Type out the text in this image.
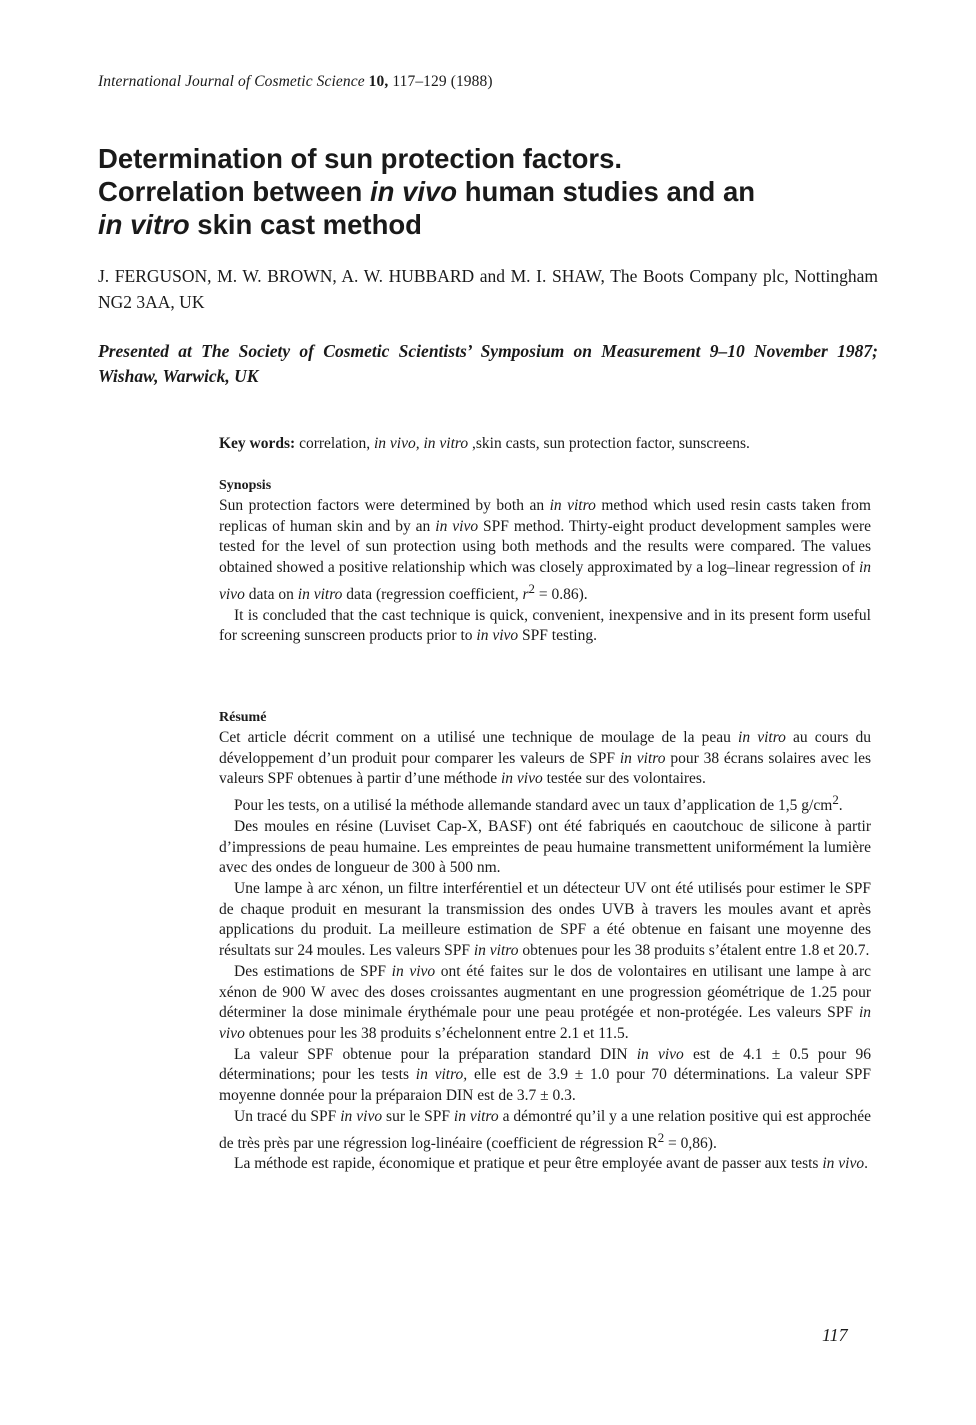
International Journal of Cosmetic Science 10, 117–129 (1988)
Determination of sun protection factors.
Correlation between in vivo human studies and an
in vitro skin cast method
J. FERGUSON, M. W. BROWN, A. W. HUBBARD and M. I. SHAW, The Boots Company plc, Nottingham NG2 3AA, UK
Presented at The Society of Cosmetic Scientists’ Symposium on Measurement 9–10 November 1987; Wishaw, Warwick, UK
Key words: correlation, in vivo, in vitro ,skin casts, sun protection factor, sunscreens.
Synopsis

Sun protection factors were determined by both an in vitro method which used resin casts taken from replicas of human skin and by an in vivo SPF method. Thirty-eight product development samples were tested for the level of sun protection using both methods and the results were compared. The values obtained showed a positive relationship which was closely approximated by a log–linear regression of in vivo data on in vitro data (regression coefficient, $r^2 = 0.86$).

It is concluded that the cast technique is quick, convenient, inexpensive and in its present form useful for screening sunscreen products prior to in vivo SPF testing.

Résumé

Cet article décrit comment on a utilisé une technique de moulage de la peau in vitro au cours du développement d’un produit pour comparer les valeurs de SPF in vitro pour 38 écrans solaires avec les valeurs SPF obtenues à partir d’une méthode in vivo testée sur des volontaires.

Pour les tests, on a utilisé la méthode allemande standard avec un taux d’application de 1,5 $g/cm^2$.

Des moules en résine (Luviset Cap-X, BASF) ont été fabriqués en caoutchouc de silicone à partir d’impressions de peau humaine. Les empreintes de peau humaine transmettent uniformément la lumière avec des ondes de longueur de 300 à 500 nm.

Une lampe à arc xénon, un filtre interférentiel et un détecteur UV ont été utilisés pour estimer le SPF de chaque produit en mesurant la transmission des ondes UVB à travers les moules avant et après applications du produit. La meilleure estimation de SPF a été obtenue en faisant une moyenne des résultats sur 24 moules. Les valeurs SPF in vitro obtenues pour les 38 produits s’étalent entre 1.8 et 20.7.

Des estimations de SPF in vivo ont été faites sur le dos de volontaires en utilisant une lampe à arc xénon de 900 W avec des doses croissantes augmentant en une progression géométrique de 1.25 pour déterminer la dose minimale érythémale pour une peau protégée et non-protégée. Les valeurs SPF in vivo obtenues pour les 38 produits s’échelonnent entre 2.1 et 11.5.

La valeur SPF obtenue pour la préparation standard DIN in vivo est de 4.1 ± 0.5 pour 96 déterminations; pour les tests in vitro, elle est de 3.9 ± 1.0 pour 70 déterminations. La valeur SPF moyenne donnée pour la préparaion DIN est de 3.7 ± 0.3.

Un tracé du SPF in vivo sur le SPF in vitro a démontré qu’il y a une relation positive qui est approchée de très près par une régression log-linéaire (coefficient de régression $R^2 = 0,86$).

La méthode est rapide, économique et pratique et peur être employée avant de passer aux tests in vivo.

117
